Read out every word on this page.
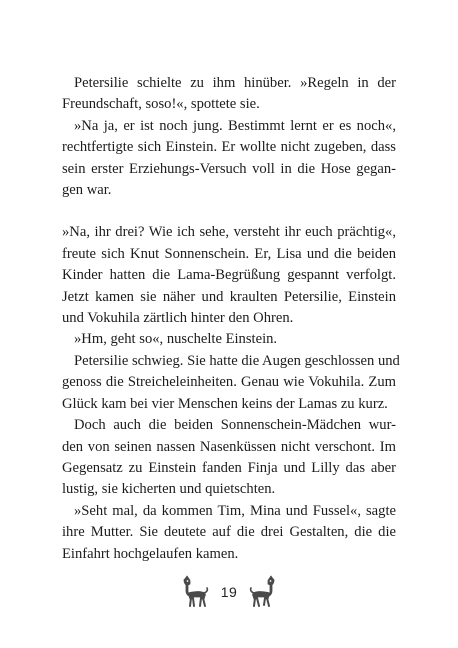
Petersilie schielte zu ihm hinüber. »Regeln in der
Freundschaft, soso!«, spottete sie.

»Na ja, er ist noch jung. Bestimmt lernt er es noch«,
rechtfertigte sich Einstein. Er wollte nicht zugeben, dass
sein erster Erziehungs-Versuch voll in die Hose gegan-
gen war.

»Na, ihr drei? Wie ich sehe, versteht ihr euch prächtig«,
freute sich Knut Sonnenschein. Er, Lisa und die beiden
Kinder hatten die Lama-Begrüßung gespannt verfolgt.
Jetzt kamen sie näher und kraulten Petersilie, Einstein
und Vokuhila zärtlich hinter den Ohren.

»Hm, geht so«, nuschelte Einstein.

Petersilie schwieg. Sie hatte die Augen geschlossen und
genoss die Streicheleinheiten. Genau wie Vokuhila. Zum
Glück kam bei vier Menschen keins der Lamas zu kurz.

Doch auch die beiden Sonnenschein-Mädchen wur-
den von seinen nassen Nasenküssen nicht verschont. Im
Gegensatz zu Einstein fanden Finja und Lilly das aber
lustig, sie kicherten und quietschten.

»Seht mal, da kommen Tim, Mina und Fussel«, sagte
ihre Mutter. Sie deutete auf die drei Gestalten, die die
Einfahrt hochgelaufen kamen.

19
